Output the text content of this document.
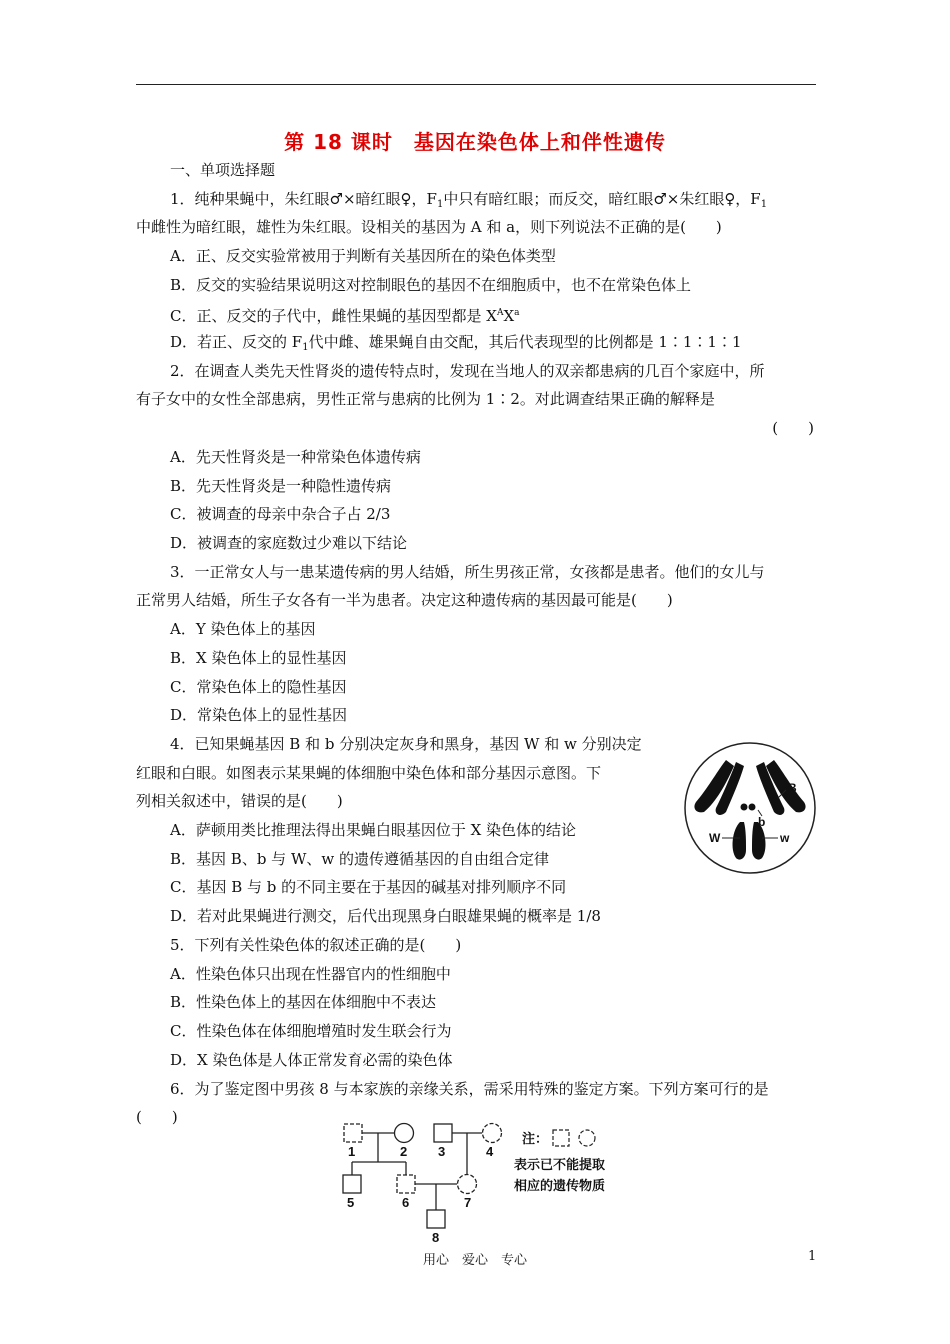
第 18 课时　基因在染色体上和伴性遗传
一、单项选择题
1．纯种果蝇中，朱红眼♂×暗红眼♀，$F_1$中只有暗红眼；而反交，暗红眼♂×朱红眼♀，$F_1$
中雌性为暗红眼，雄性为朱红眼。设相关的基因为 A 和 a，则下列说法不正确的是(　　)
A．正、反交实验常被用于判断有关基因所在的染色体类型
B．反交的实验结果说明这对控制眼色的基因不在细胞质中，也不在常染色体上
C．正、反交的子代中，雌性果蝇的基因型都是 $X^AX^a$
D．若正、反交的 $F_1$代中雌、雄果蝇自由交配，其后代表现型的比例都是 1∶1∶1∶1
2．在调查人类先天性肾炎的遗传特点时，发现在当地人的双亲都患病的几百个家庭中，所
有子女中的女性全部患病，男性正常与患病的比例为 1∶2。对此调查结果正确的解释是
(　　)
A．先天性肾炎是一种常染色体遗传病
B．先天性肾炎是一种隐性遗传病
C．被调查的母亲中杂合子占 2/3
D．被调查的家庭数过少难以下结论
3．一正常女人与一患某遗传病的男人结婚，所生男孩正常，女孩都是患者。他们的女儿与
正常男人结婚，所生子女各有一半为患者。决定这种遗传病的基因最可能是(　　)
A．Y 染色体上的基因
B．X 染色体上的显性基因
C．常染色体上的隐性基因
D．常染色体上的显性基因
4．已知果蝇基因 B 和 b 分别决定灰身和黑身，基因 W 和 w 分别决定
红眼和白眼。如图表示某果蝇的体细胞中染色体和部分基因示意图。下
列相关叙述中，错误的是(　　)
A．萨顿用类比推理法得出果蝇白眼基因位于 X 染色体的结论
B．基因 B、b 与 W、w 的遗传遵循基因的自由组合定律
C．基因 B 与 b 的不同主要在于基因的碱基对排列顺序不同
D．若对此果蝇进行测交，后代出现黑身白眼雄果蝇的概率是 1/8
B
b
W	w
5．下列有关性染色体的叙述正确的是(　　)
A．性染色体只出现在性器官内的性细胞中
B．性染色体上的基因在体细胞中不表达
C．性染色体在体细胞增殖时发生联会行为
D．X 染色体是人体正常发育必需的染色体
6．为了鉴定图中男孩 8 与本家族的亲缘关系，需采用特殊的鉴定方案。下列方案可行的是
(　　)
1	2 3	4
5	6	7
8
注：
表示已不能提取
相应的遗传物质
用心　爱心　专心	1
